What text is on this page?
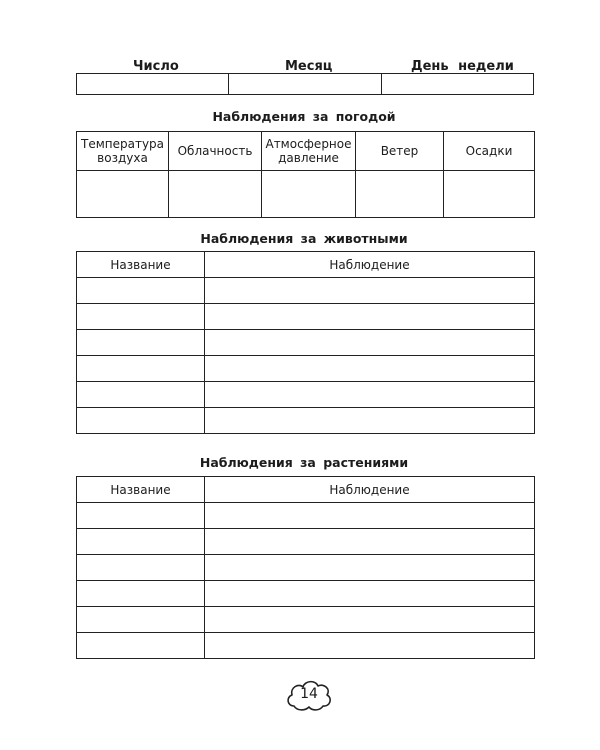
Число	Месяц	День недели

Наблюдения за погодой
Температура воздуха	Облачность	Атмосферное давление	Ветер	Осадки

Наблюдения за животными
Название	Наблюдение

Наблюдения за растениями
Название	Наблюдение

14
